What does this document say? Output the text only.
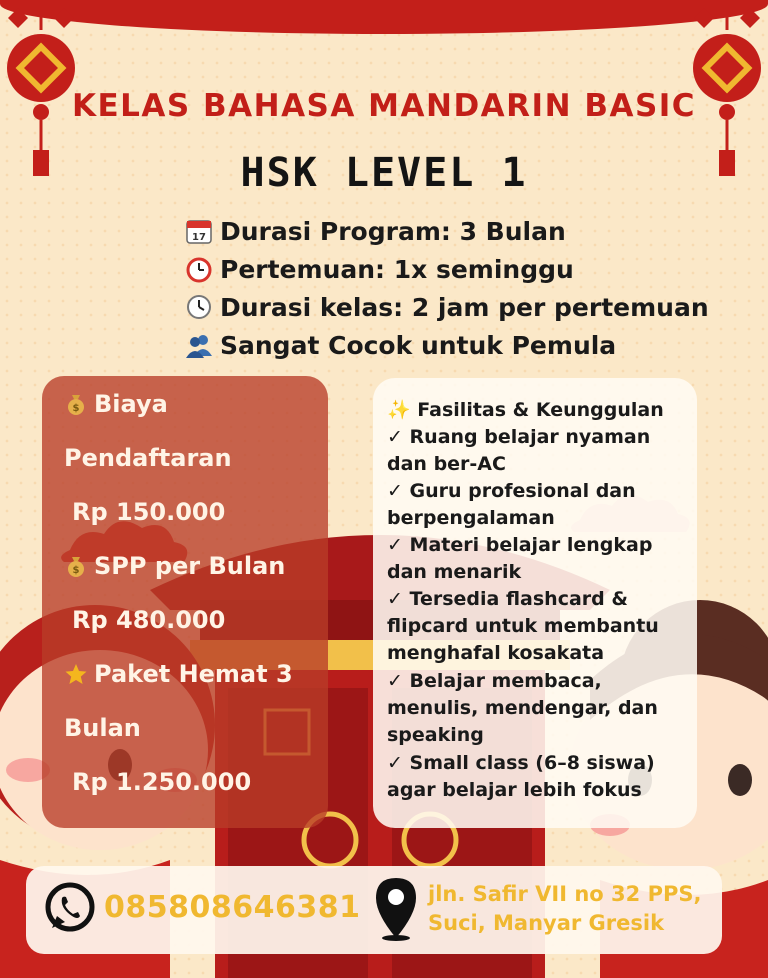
KELAS BAHASA MANDARIN BASIC
HSK LEVEL 1
17 Durasi Program: 3 Bulan
Pertemuan: 1x seminggu
Durasi kelas: 2 jam per pertemuan
Sangat Cocok untuk Pemula
$ Biaya
Pendaftaran
Rp 150.000
$ SPP per Bulan
Rp 480.000
Paket Hemat 3
Bulan
Rp 1.250.000
✨ Fasilitas & Keunggulan
✓ Ruang belajar nyaman dan ber-AC
✓ Guru profesional dan berpengalaman
✓ Materi belajar lengkap dan menarik
✓ Tersedia flashcard & flipcard untuk membantu menghafal kosakata
✓ Belajar membaca, menulis, mendengar, dan speaking
✓ Small class (6–8 siswa) agar belajar lebih fokus
085808646381	jln. Safir VII no 32 PPS, Suci, Manyar Gresik
